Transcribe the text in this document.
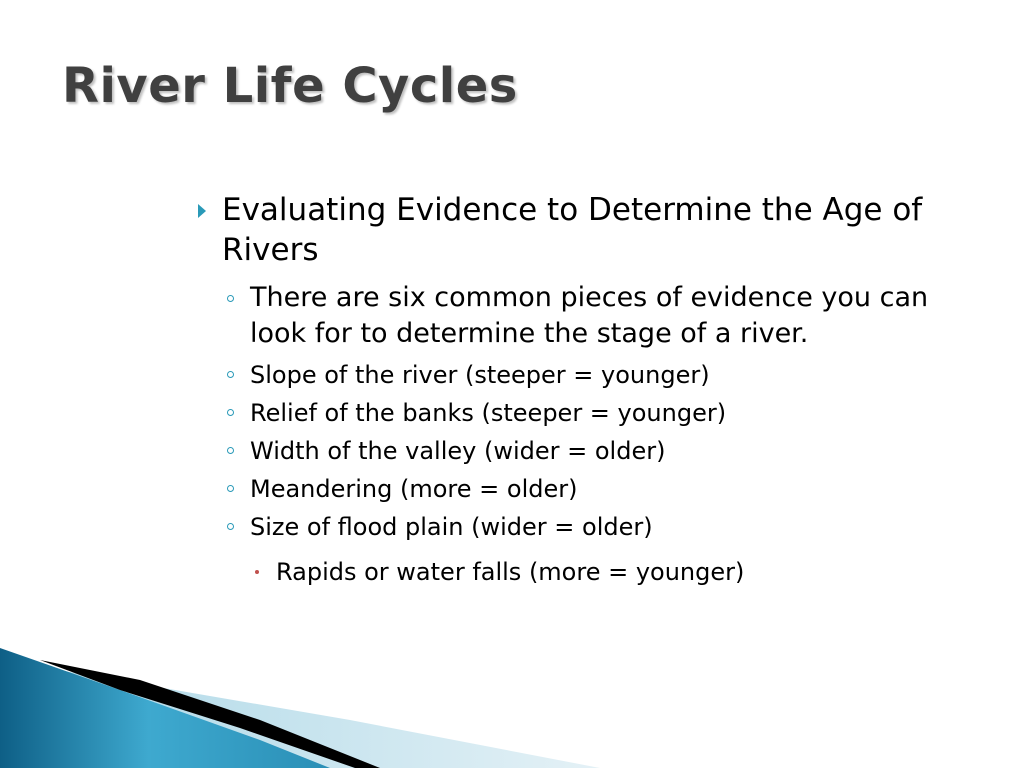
River Life Cycles
Evaluating Evidence to Determine the Age of Rivers
There are six common pieces of evidence you can look for to determine the stage of a river.
Slope of the river (steeper = younger)
Relief of the banks (steeper = younger)
Width of the valley (wider = older)
Meandering (more = older)
Size of flood plain (wider = older)
Rapids or water falls (more = younger)
